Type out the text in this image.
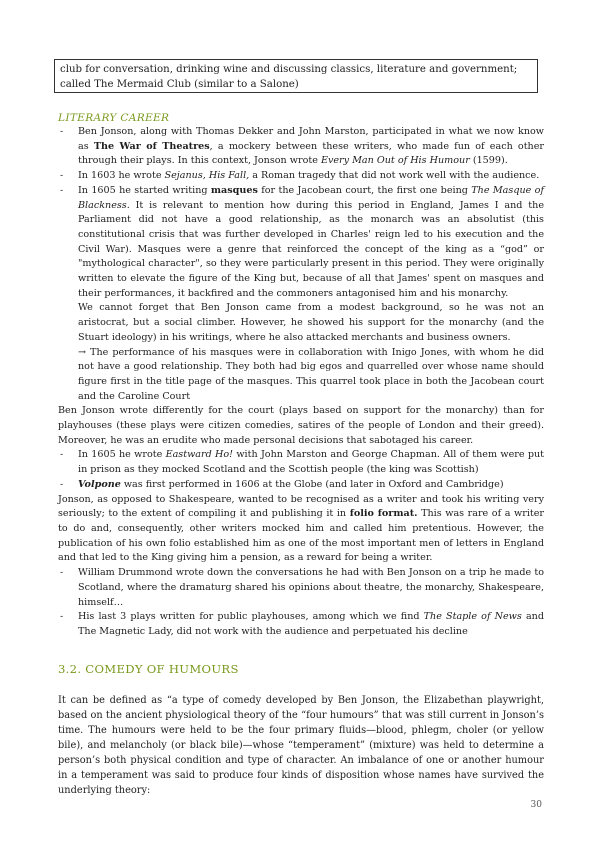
club for conversation, drinking wine and discussing classics, literature and government; called The Mermaid Club (similar to a Salone)
LITERARY CAREER
-	Ben Jonson, along with Thomas Dekker and John Marston, participated in what we now know as The War of Theatres, a mockery between these writers, who made fun of each other through their plays. In this context, Jonson wrote Every Man Out of His Humour (1599).
-	In 1603 he wrote Sejanus, His Fall, a Roman tragedy that did not work well with the audience.
-	In 1605 he started writing masques for the Jacobean court, the first one being The Masque of Blackness. It is relevant to mention how during this period in England, James I and the Parliament did not have a good relationship, as the monarch was an absolutist (this constitutional crisis that was further developed in Charles' reign led to his execution and the Civil War). Masques were a genre that reinforced the concept of the king as a “god” or "mythological character", so they were particularly present in this period. They were originally written to elevate the figure of the King but, because of all that James' spent on masques and their performances, it backfired and the commoners antagonised him and his monarchy.

We cannot forget that Ben Jonson came from a modest background, so he was not an aristocrat, but a social climber. However, he showed his support for the monarchy (and the Stuart ideology) in his writings, where he also attacked merchants and business owners.

→ The performance of his masques were in collaboration with Inigo Jones, with whom he did not have a good relationship. They both had big egos and quarrelled over whose name should figure first in the title page of the masques. This quarrel took place in both the Jacobean court and the Caroline Court

Ben Jonson wrote differently for the court (plays based on support for the monarchy) than for playhouses (these plays were citizen comedies, satires of the people of London and their greed). Moreover, he was an erudite who made personal decisions that sabotaged his career.

-	In 1605 he wrote Eastward Ho! with John Marston and George Chapman. All of them were put in prison as they mocked Scotland and the Scottish people (the king was Scottish)
-	Volpone was first performed in 1606 at the Globe (and later in Oxford and Cambridge)

Jonson, as opposed to Shakespeare, wanted to be recognised as a writer and took his writing very seriously; to the extent of compiling it and publishing it in folio format. This was rare of a writer to do and, consequently, other writers mocked him and called him pretentious. However, the publication of his own folio established him as one of the most important men of letters in England and that led to the King giving him a pension, as a reward for being a writer.

-	William Drummond wrote down the conversations he had with Ben Jonson on a trip he made to Scotland, where the dramaturg shared his opinions about theatre, the monarchy, Shakespeare, himself…
-	His last 3 plays written for public playhouses, among which we find The Staple of News and The Magnetic Lady, did not work with the audience and perpetuated his decline
3.2. COMEDY OF HUMOURS
It can be defined as “a type of comedy developed by Ben Jonson, the Elizabethan playwright, based on the ancient physiological theory of the “four humours” that was still current in Jonson’s time. The humours were held to be the four primary fluids—blood, phlegm, choler (or yellow bile), and melancholy (or black bile)—whose “temperament” (mixture) was held to determine a person’s both physical condition and type of character. An imbalance of one or another humour in a temperament was said to produce four kinds of disposition whose names have survived the underlying theory:
30
